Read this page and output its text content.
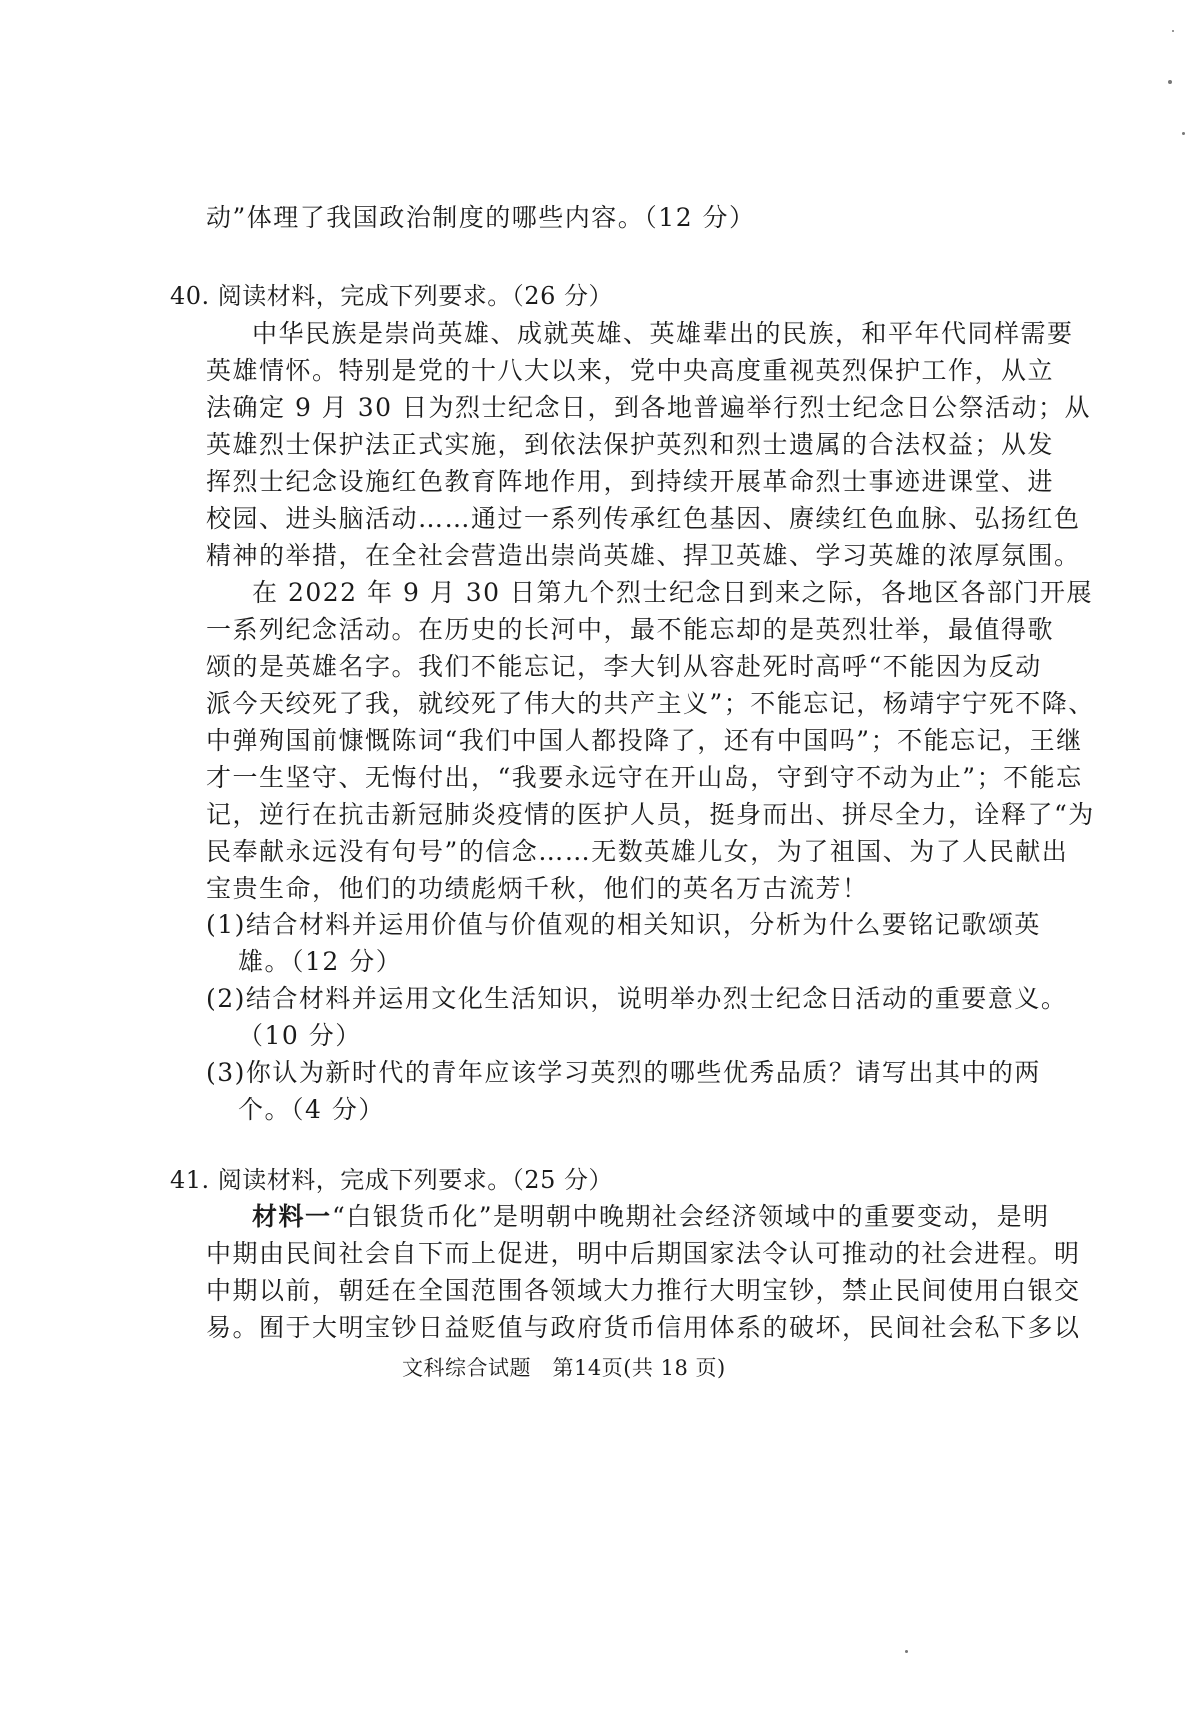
动”体理了我国政治制度的哪些内容。（12 分）
40. 阅读材料，完成下列要求。（26 分）
中华民族是崇尚英雄、成就英雄、英雄辈出的民族，和平年代同样需要
英雄情怀。特别是党的十八大以来，党中央高度重视英烈保护工作，从立
法确定 9 月 30 日为烈士纪念日，到各地普遍举行烈士纪念日公祭活动；从
英雄烈士保护法正式实施，到依法保护英烈和烈士遗属的合法权益；从发
挥烈士纪念设施红色教育阵地作用，到持续开展革命烈士事迹进课堂、进
校园、进头脑活动……通过一系列传承红色基因、赓续红色血脉、弘扬红色
精神的举措，在全社会营造出崇尚英雄、捍卫英雄、学习英雄的浓厚氛围。
在 2022 年 9 月 30 日第九个烈士纪念日到来之际，各地区各部门开展
一系列纪念活动。在历史的长河中，最不能忘却的是英烈壮举，最值得歌
颂的是英雄名字。我们不能忘记，李大钊从容赴死时高呼“不能因为反动
派今天绞死了我，就绞死了伟大的共产主义”；不能忘记，杨靖宇宁死不降、
中弹殉国前慷慨陈词“我们中国人都投降了，还有中国吗”；不能忘记，王继
才一生坚守、无悔付出，“我要永远守在开山岛，守到守不动为止”；不能忘
记，逆行在抗击新冠肺炎疫情的医护人员，挺身而出、拼尽全力，诠释了“为
民奉献永远没有句号”的信念……无数英雄儿女，为了祖国、为了人民献出
宝贵生命，他们的功绩彪炳千秋，他们的英名万古流芳！
(1)结合材料并运用价值与价值观的相关知识，分析为什么要铭记歌颂英
雄。（12 分）
(2)结合材料并运用文化生活知识，说明举办烈士纪念日活动的重要意义。
（10 分）
(3)你认为新时代的青年应该学习英烈的哪些优秀品质？请写出其中的两
个。（4 分）
41. 阅读材料，完成下列要求。（25 分）
材料一 “白银货币化”是明朝中晚期社会经济领域中的重要变动，是明
中期由民间社会自下而上促进，明中后期国家法令认可推动的社会进程。明
中期以前，朝廷在全国范围各领域大力推行大明宝钞，禁止民间使用白银交
易。囿于大明宝钞日益贬值与政府货币信用体系的破坏，民间社会私下多以
文科综合试题　第14页(共 18 页)
